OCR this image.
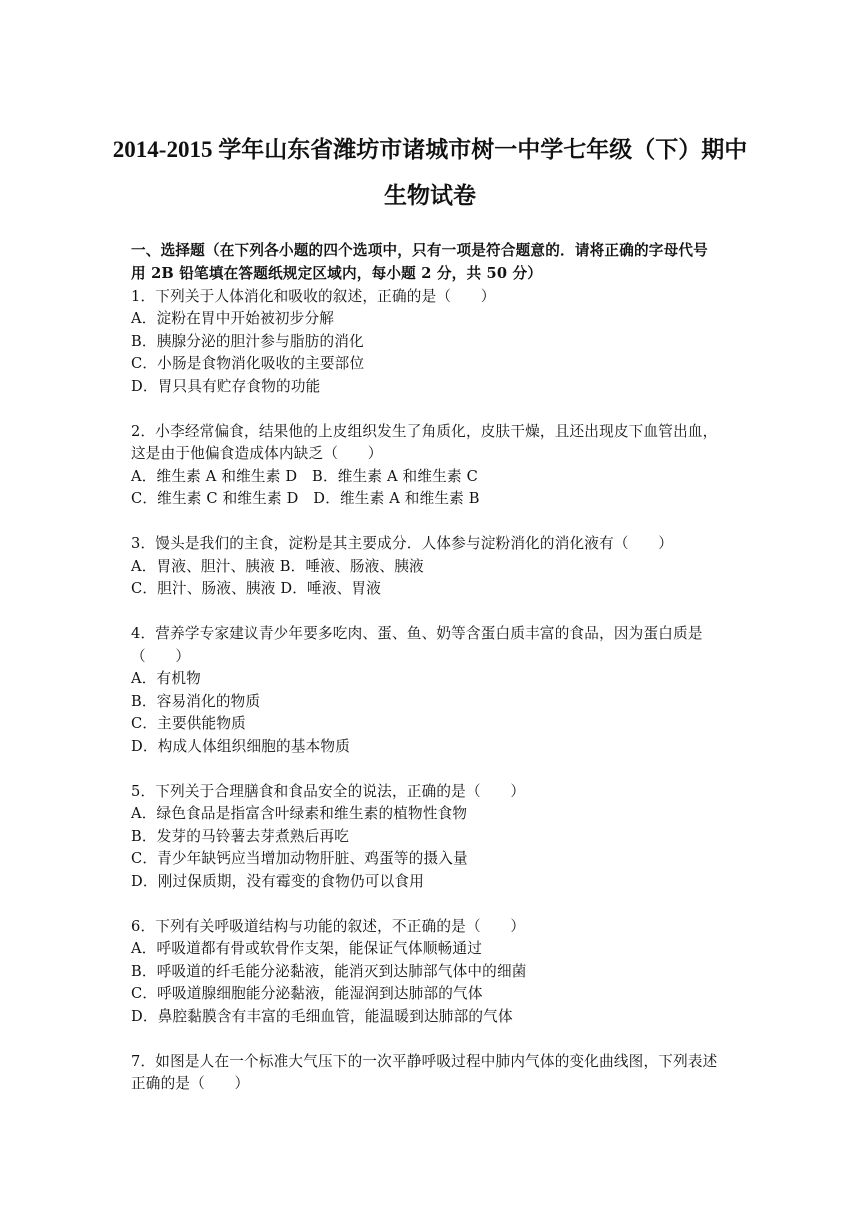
2014-2015 学年山东省潍坊市诸城市树一中学七年级（下）期中
生物试卷
一、选择题（在下列各小题的四个选项中，只有一项是符合题意的．请将正确的字母代号
用 2B 铅笔填在答题纸规定区域内，每小题 2 分，共 50 分）
1．下列关于人体消化和吸收的叙述，正确的是（　　）
A．淀粉在胃中开始被初步分解
B．胰腺分泌的胆汁参与脂肪的消化
C．小肠是食物消化吸收的主要部位
D．胃只具有贮存食物的功能
2．小李经常偏食，结果他的上皮组织发生了角质化，皮肤干燥，且还出现皮下血管出血，
这是由于他偏食造成体内缺乏（　　）
A．维生素 A 和维生素 D　B．维生素 A 和维生素 C
C．维生素 C 和维生素 D　D．维生素 A 和维生素 B
3．馒头是我们的主食，淀粉是其主要成分．人体参与淀粉消化的消化液有（　　）
A．胃液、胆汁、胰液 B．唾液、肠液、胰液
C．胆汁、肠液、胰液 D．唾液、胃液
4．营养学专家建议青少年要多吃肉、蛋、鱼、奶等含蛋白质丰富的食品，因为蛋白质是
（　　）
A．有机物
B．容易消化的物质
C．主要供能物质
D．构成人体组织细胞的基本物质
5．下列关于合理膳食和食品安全的说法，正确的是（　　）
A．绿色食品是指富含叶绿素和维生素的植物性食物
B．发芽的马铃薯去芽煮熟后再吃
C．青少年缺钙应当增加动物肝脏、鸡蛋等的摄入量
D．刚过保质期，没有霉变的食物仍可以食用
6．下列有关呼吸道结构与功能的叙述，不正确的是（　　）
A．呼吸道都有骨或软骨作支架，能保证气体顺畅通过
B．呼吸道的纤毛能分泌黏液，能消灭到达肺部气体中的细菌
C．呼吸道腺细胞能分泌黏液，能湿润到达肺部的气体
D．鼻腔黏膜含有丰富的毛细血管，能温暖到达肺部的气体
7．如图是人在一个标准大气压下的一次平静呼吸过程中肺内气体的变化曲线图，下列表述
正确的是（　　）
